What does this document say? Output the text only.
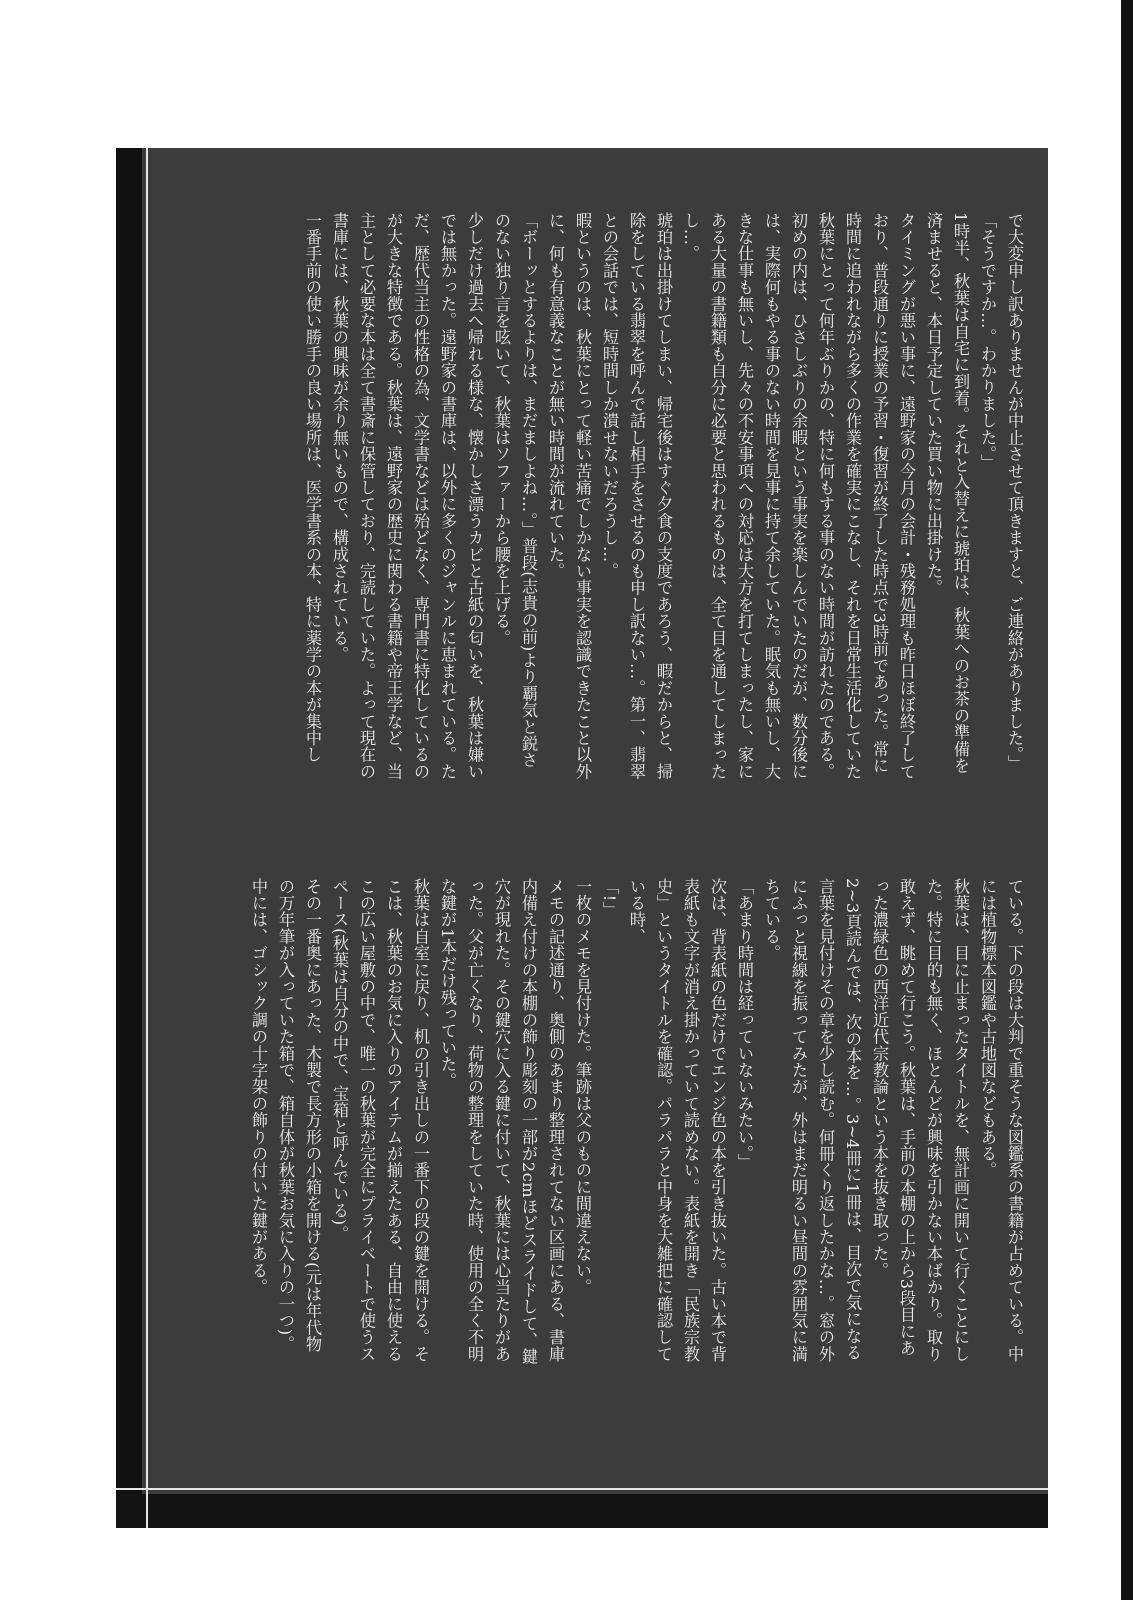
で大変申し訳ありませんが中止させて頂きますと、ご連絡がありました。」

「そうですか…。わかりました。」

1時半、秋葉は自宅に到着。それと入替えに琥珀は、秋葉へのお茶の準備を済ませると、本日予定していた買い物に出掛けた。

タイミングが悪い事に、遠野家の今月の会計・残務処理も昨日ほぼ終了しており、普段通りに授業の予習・復習が終了した時点で3時前であった。常に時間に追われながら多くの作業を確実にこなし、それを日常生活化していた秋葉にとって何年ぶりかの、特に何もする事のない時間が訪れたのである。

初めの内は、ひさしぶりの余暇という事実を楽しんでいたのだが、数分後には、実際何もやる事のない時間を見事に持て余していた。眠気も無いし、大きな仕事も無いし、先々の不安事項への対応は大方を打てしまったし、家にある大量の書籍類も自分に必要と思われるものは、全て目を通してしまったし…。

琥珀は出掛けてしまい、帰宅後はすぐ夕食の支度であろう、暇だからと、掃除をしている翡翠を呼んで話し相手をさせるのも申し訳ない…。第一、翡翠との会話では、短時間しか潰せないだろうし…。

暇というのは、秋葉にとって軽い苦痛でしかない事実を認識できたこと以外に、何も有意義なことが無い時間が流れていた。

「ボーッとするよりは、まだましよね…。」普段(志貴の前)より覇気と鋭さのない独り言を呟いて、秋葉はソファーから腰を上げる。

少しだけ過去へ帰れる様な、懐かしさ漂うカビと古紙の匂いを、秋葉は嫌いでは無かった。遠野家の書庫は、以外に多くのジャンルに恵まれている。ただ、歴代当主の性格の為、文学書などは殆どなく、専門書に特化しているのが大きな特徴である。秋葉は、遠野家の歴史に関わる書籍や帝王学など、当主として必要な本は全て書斎に保管しており、完読していた。よって現在の書庫には、秋葉の興味が余り無いもので、構成されている。

一番手前の使い勝手の良い場所は、医学書系の本、特に薬学の本が集中し

ている。下の段は大判で重そうな図鑑系の書籍が占めている。中には植物標本図鑑や古地図などもある。

秋葉は、目に止まったタイトルを、無計画に開いて行くことにした。特に目的も無く、ほとんどが興味を引かない本ばかり。取り敢えず、眺めて行こう。秋葉は、手前の本棚の上から3段目にあった濃緑色の西洋近代宗教論という本を抜き取った。

2~3頁読んでは、次の本を…。3~4冊に1冊は、目次で気になる言葉を見付けその章を少し読む。何冊くり返したかな…。窓の外にふっと視線を振ってみたが、外はまだ明るい昼間の雰囲気に満ちている。

「あまり時間は経っていないみたい。」

次は、背表紙の色だけでエンジ色の本を引き抜いた。古い本で背表紙も文字が消え掛かっていて読めない。表紙を開き「民族宗教史」というタイトルを確認。パラパラと中身を大雑把に確認している時、

「!」

一枚のメモを見付けた。筆跡は父のものに間違えない。

メモの記述通り、奥側のあまり整理されてない区画にある、書庫内備え付けの本棚の飾り彫刻の一部が2cmほどスライドして、鍵穴が現れた。その鍵穴に入る鍵に付いて、秋葉には心当たりがあった。父が亡くなり、荷物の整理をしていた時、使用の全く不明な鍵が1本だけ残っていた。

秋葉は自室に戻り、机の引き出しの一番下の段の鍵を開ける。そこは、秋葉のお気に入りのアイテムが揃えたある、自由に使えるこの広い屋敷の中で、唯一の秋葉が完全にプライベートで使うスペース(秋葉は自分の中で、宝箱と呼んでいる)。

その一番奥にあった、木製で長方形の小箱を開ける(元は年代物の万年筆が入っていた箱で、箱自体が秋葉お気に入りの一つ)。中には、ゴシック調の十字架の飾りの付いた鍵がある。
